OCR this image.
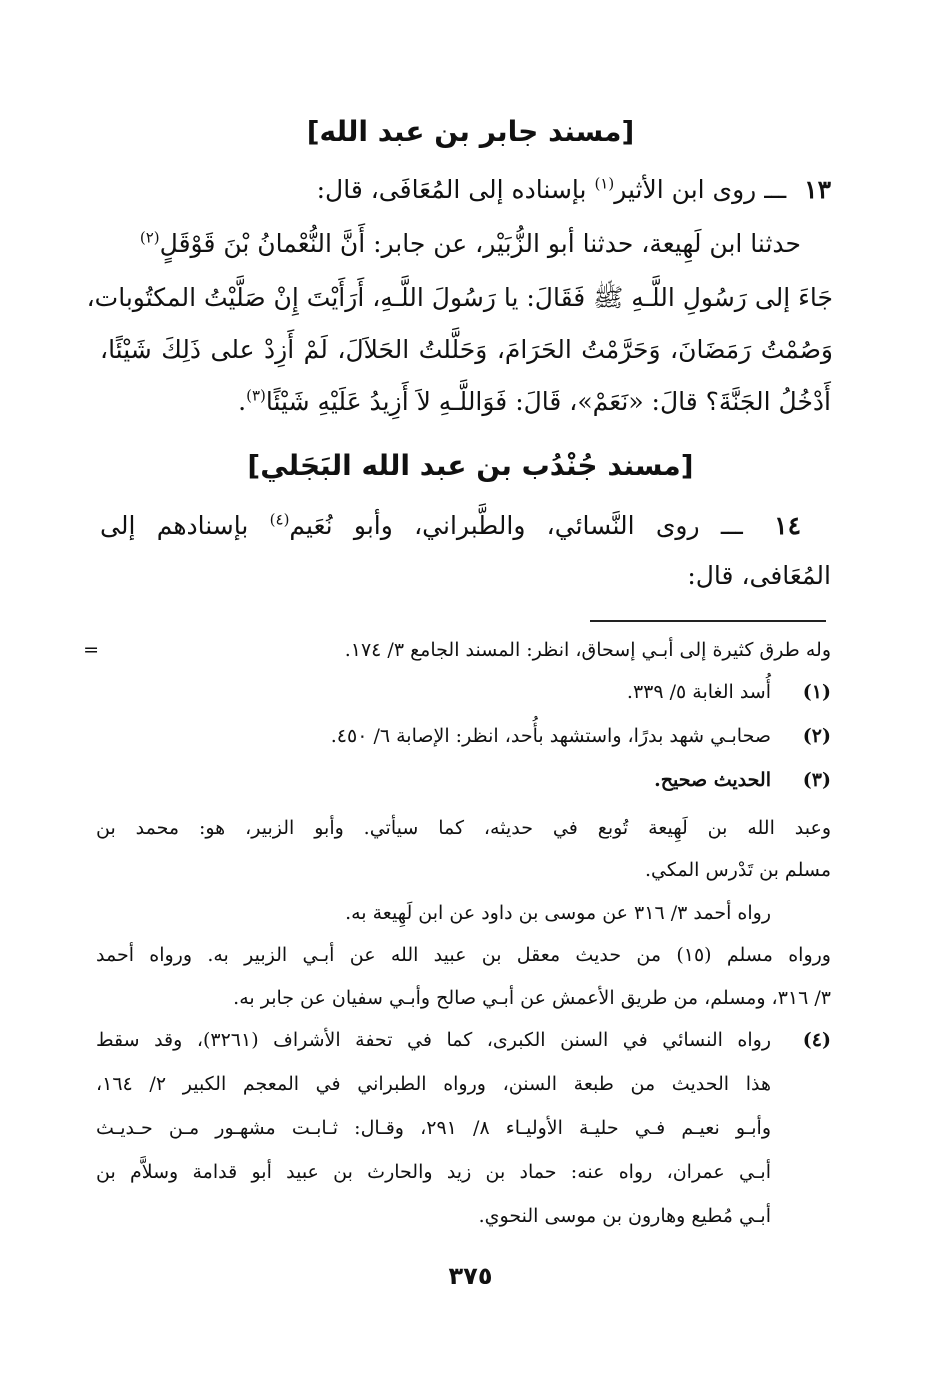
[مسند جابر بن عبد الله]
١٣ ـــ روى ابن الأثير$^{(١)}$ بإسناده إلى المُعَافَى، قال:
حدثنا ابن لَهِيعة، حدثنا أبو الزُّبَيْر، عن جابر: أَنَّ النُّعْمانُ بْنَ قَوْقَلٍ$^{(٢)}$
جَاءَ إلى رَسُولِ اللَّـهِ ﷺ فَقَالَ: يا رَسُولَ اللَّـهِ، أَرَأَيْتَ إِنْ صَلَّيْتُ المكتُوبات،
وَصُمْتُ رَمَضَانَ، وَحَرَّمْتُ الحَرَامَ، وَحَلَّلتُ الحَلاَلَ، لَمْ أَزِدْ على ذَلِكَ شَيْئًا،
أَدْخُلُ الجَنَّةَ؟ قالَ: «نَعَمْ»، قَالَ: فَوَاللَّـهِ لاَ أَزِيدُ عَلَيْهِ شَيْئًا$^{(٣)}$.
[مسند جُنْدُب بن عبد الله البَجَلي]
١٤ ـــ روى النَّسائي، والطَّبراني، وأبو نُعَيم$^{(٤)}$ بإسنادهم إلى
المُعَافى، قال:
=	وله طرق كثيرة إلى أبـي إسحاق، انظر: المسند الجامع ٣/ ١٧٤.
(١)
أُسد الغابة ٥/ ٣٣٩.
(٢)
صحابـي شهد بدرًا، واستشهد بأُحد، انظر: الإصابة ٦/ ٤٥٠.
(٣)
الحديث صحيح.
وعبد الله بن لَهِيعة تُوبع في حديثه، كما سيأتي. وأبو الزبير، هو: محمد بن
مسلم بن تَدْرس المكي.
رواه أحمد ٣/ ٣١٦ عن موسى بن داود عن ابن لَهِيعة به.
ورواه مسلم (١٥) من حديث معقل بن عبيد الله عن أبـي الزبير به. ورواه أحمد
٣/ ٣١٦، ومسلم، من طريق الأعمش عن أبـي صالح وأبـي سفيان عن جابر به.
(٤)
رواه النسائي في السنن الكبرى، كما في تحفة الأشراف (٣٢٦١)، وقد سقط
هذا الحديث من طبعة السنن، ورواه الطبراني في المعجم الكبير ٢/ ١٦٤،
وأبـو نعيـم فـي حليـة الأوليـاء ٨/ ٢٩١، وقـال: ثـابـت مشهـور مـن حـديـث
أبـي عمران، رواه عنه: حماد بن زيد والحارث بن عبيد أبو قدامة وسلاَّم بن
أبـي مُطيع وهارون بن موسى النحوي.
٣٧٥
